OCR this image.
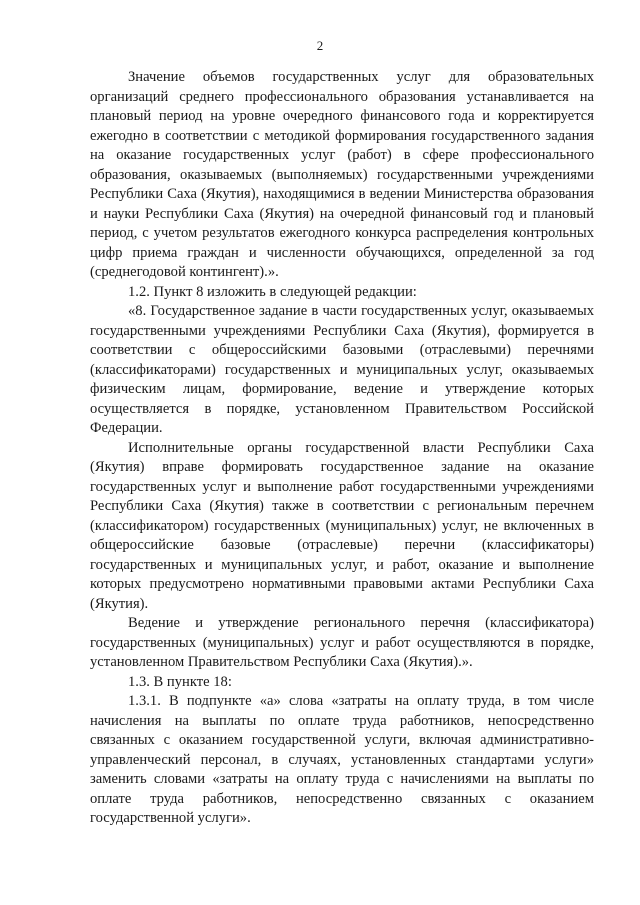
2

Значение объемов государственных услуг для образовательных организаций среднего профессионального образования устанавливается на плановый период на уровне очередного финансового года и корректируется ежегодно в соответствии с методикой формирования государственного задания на оказание государственных услуг (работ) в сфере профессионального образования, оказываемых (выполняемых) государственными учреждениями Республики Саха (Якутия), находящимися в ведении Министерства образования и науки Республики Саха (Якутия) на очередной финансовый год и плановый период, с учетом результатов ежегодного конкурса распределения контрольных цифр приема граждан и численности обучающихся, определенной за год (среднегодовой контингент).».

1.2. Пункт 8 изложить в следующей редакции:

«8. Государственное задание в части государственных услуг, оказываемых государственными учреждениями Республики Саха (Якутия), формируется в соответствии с общероссийскими базовыми (отраслевыми) перечнями (классификаторами) государственных и муниципальных услуг, оказываемых физическим лицам, формирование, ведение и утверждение которых осуществляется в порядке, установленном Правительством Российской Федерации.

Исполнительные органы государственной власти Республики Саха (Якутия) вправе формировать государственное задание на оказание государственных услуг и выполнение работ государственными учреждениями Республики Саха (Якутия) также в соответствии с региональным перечнем (классификатором) государственных (муниципальных) услуг, не включенных в общероссийские базовые (отраслевые) перечни (классификаторы) государственных и муниципальных услуг, и работ, оказание и выполнение которых предусмотрено нормативными правовыми актами Республики Саха (Якутия).

Ведение и утверждение регионального перечня (классификатора) государственных (муниципальных) услуг и работ осуществляются в порядке, установленном Правительством Республики Саха (Якутия).».

1.3. В пункте 18:

1.3.1. В подпункте «а» слова «затраты на оплату труда, в том числе начисления на выплаты по оплате труда работников, непосредственно связанных с оказанием государственной услуги, включая административно-управленческий персонал, в случаях, установленных стандартами услуги» заменить словами «затраты на оплату труда с начислениями на выплаты по оплате труда работников, непосредственно связанных с оказанием государственной услуги».
